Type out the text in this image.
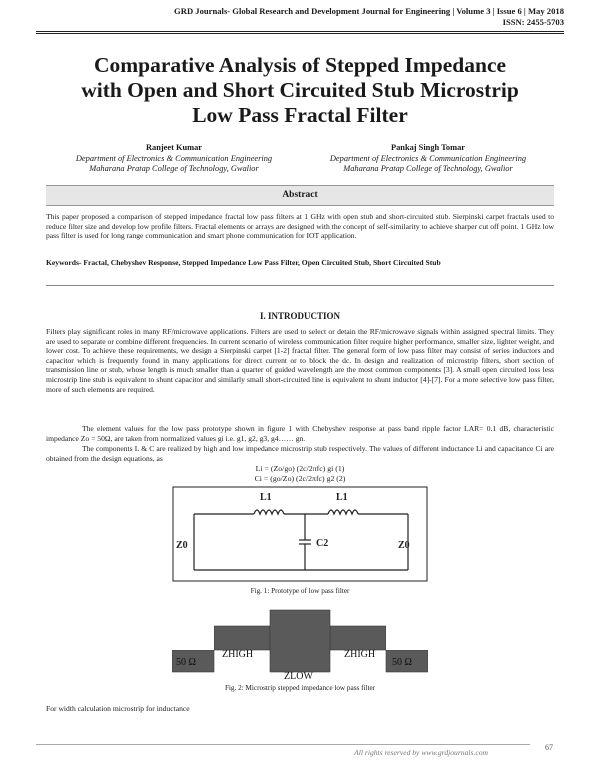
GRD Journals- Global Research and Development Journal for Engineering | Volume 3 | Issue 6 | May 2018
ISSN: 2455-5703
Comparative Analysis of Stepped Impedance
with Open and Short Circuited Stub Microstrip
Low Pass Fractal Filter
Ranjeet Kumar
Department of Electronics & Communication Engineering
Maharana Pratap College of Technology, Gwalior
Pankaj Singh Tomar
Department of Electronics & Communication Engineering
Maharana Pratap College of Technology, Gwalior
Abstract
This paper proposed a comparison of stepped impedance fractal low pass filters at 1 GHz with open stub and short-circuited stub. Sierpinski carpet fractals used to reduce filter size and develop low profile filters. Fractal elements or arrays are designed with the concept of self-similarity to achieve sharper cut off point. 1 GHz low pass filter is used for long range communication and smart phone communication for IOT application.
Keywords- Fractal, Chebyshev Response, Stepped Impedance Low Pass Filter, Open Circuited Stub, Short Circuited Stub
I. INTRODUCTION
Filters play significant roles in many RF/microwave applications. Filters are used to select or detain the RF/microwave signals within assigned spectral limits. They are used to separate or combine different frequencies. In current scenario of wireless communication filter require higher performance, smaller size, lighter weight, and lower cost. To achieve these requirements, we design a Sierpinski carpet [1-2] fractal filter. The general form of low pass filter may consist of series inductors and capacitor which is frequently found in many applications for direct current or to block the dc. In design and realization of microstrip filters, short section of transmission line or stub, whose length is much smaller than a quarter of guided wavelength are the most common components [3]. A small open circuited loss less microstrip line stub is equivalent to shunt capacitor and similarly small short-circuited line is equivalent to shunt inductor [4]-[7]. For a more selective low pass filter, more of such elements are required.
The element values for the low pass prototype shown in figure 1 with Chebyshev response at pass band ripple factor LAR= 0.1 dB, characteristic impedance Zo = 50Ω, are taken from normalized values gi i.e. g1, g2, g3, g4…… gn.
The components L & C are realized by high and low impedance microstrip stub respectively. The values of different inductance Li and capacitance Ci are obtained from the design equations, as
Li = (Zo/go) (2c/2πfc) gi (1)
Ci = (go/Zo) (2c/2πfc) g2 (2)
L1	L1
C2
Z0	Z0
Fig. 1: Prototype of low pass filter
50 Ω	50 Ω
ZHIGH	ZHIGH
ZLOW
Fig. 2: Microstrip stepped impedance low pass filter
For width calculation microstrip for inductance
All rights reserved by www.grdjournals.com
67
